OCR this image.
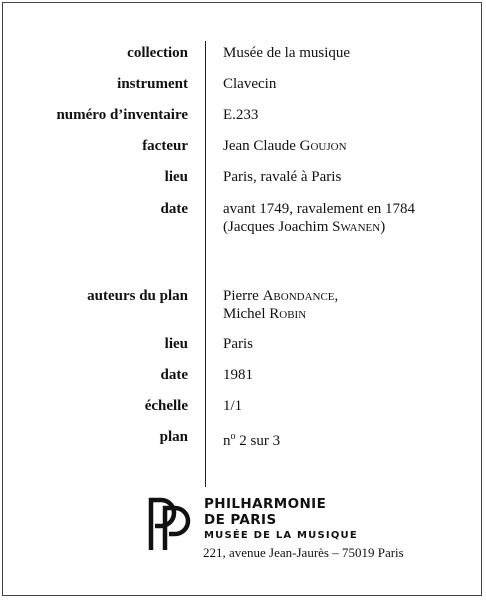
collection Musée de la musique
instrument Clavecin
numéro d’inventaire E.233
facteur Jean Claude Goujon
lieu Paris, ravalé à Paris
date avant 1749, ravalement en 1784
(Jacques Joachim Swanen)
auteurs du plan Pierre Abondance,
Michel Robin
lieu Paris
date 1981
échelle 1/1
plan $n^o$ 2 sur 3
PHILHARMONIE
DE PARIS
MUSÉE DE LA MUSIQUE
221, avenue Jean-Jaurès – 75019 Paris
